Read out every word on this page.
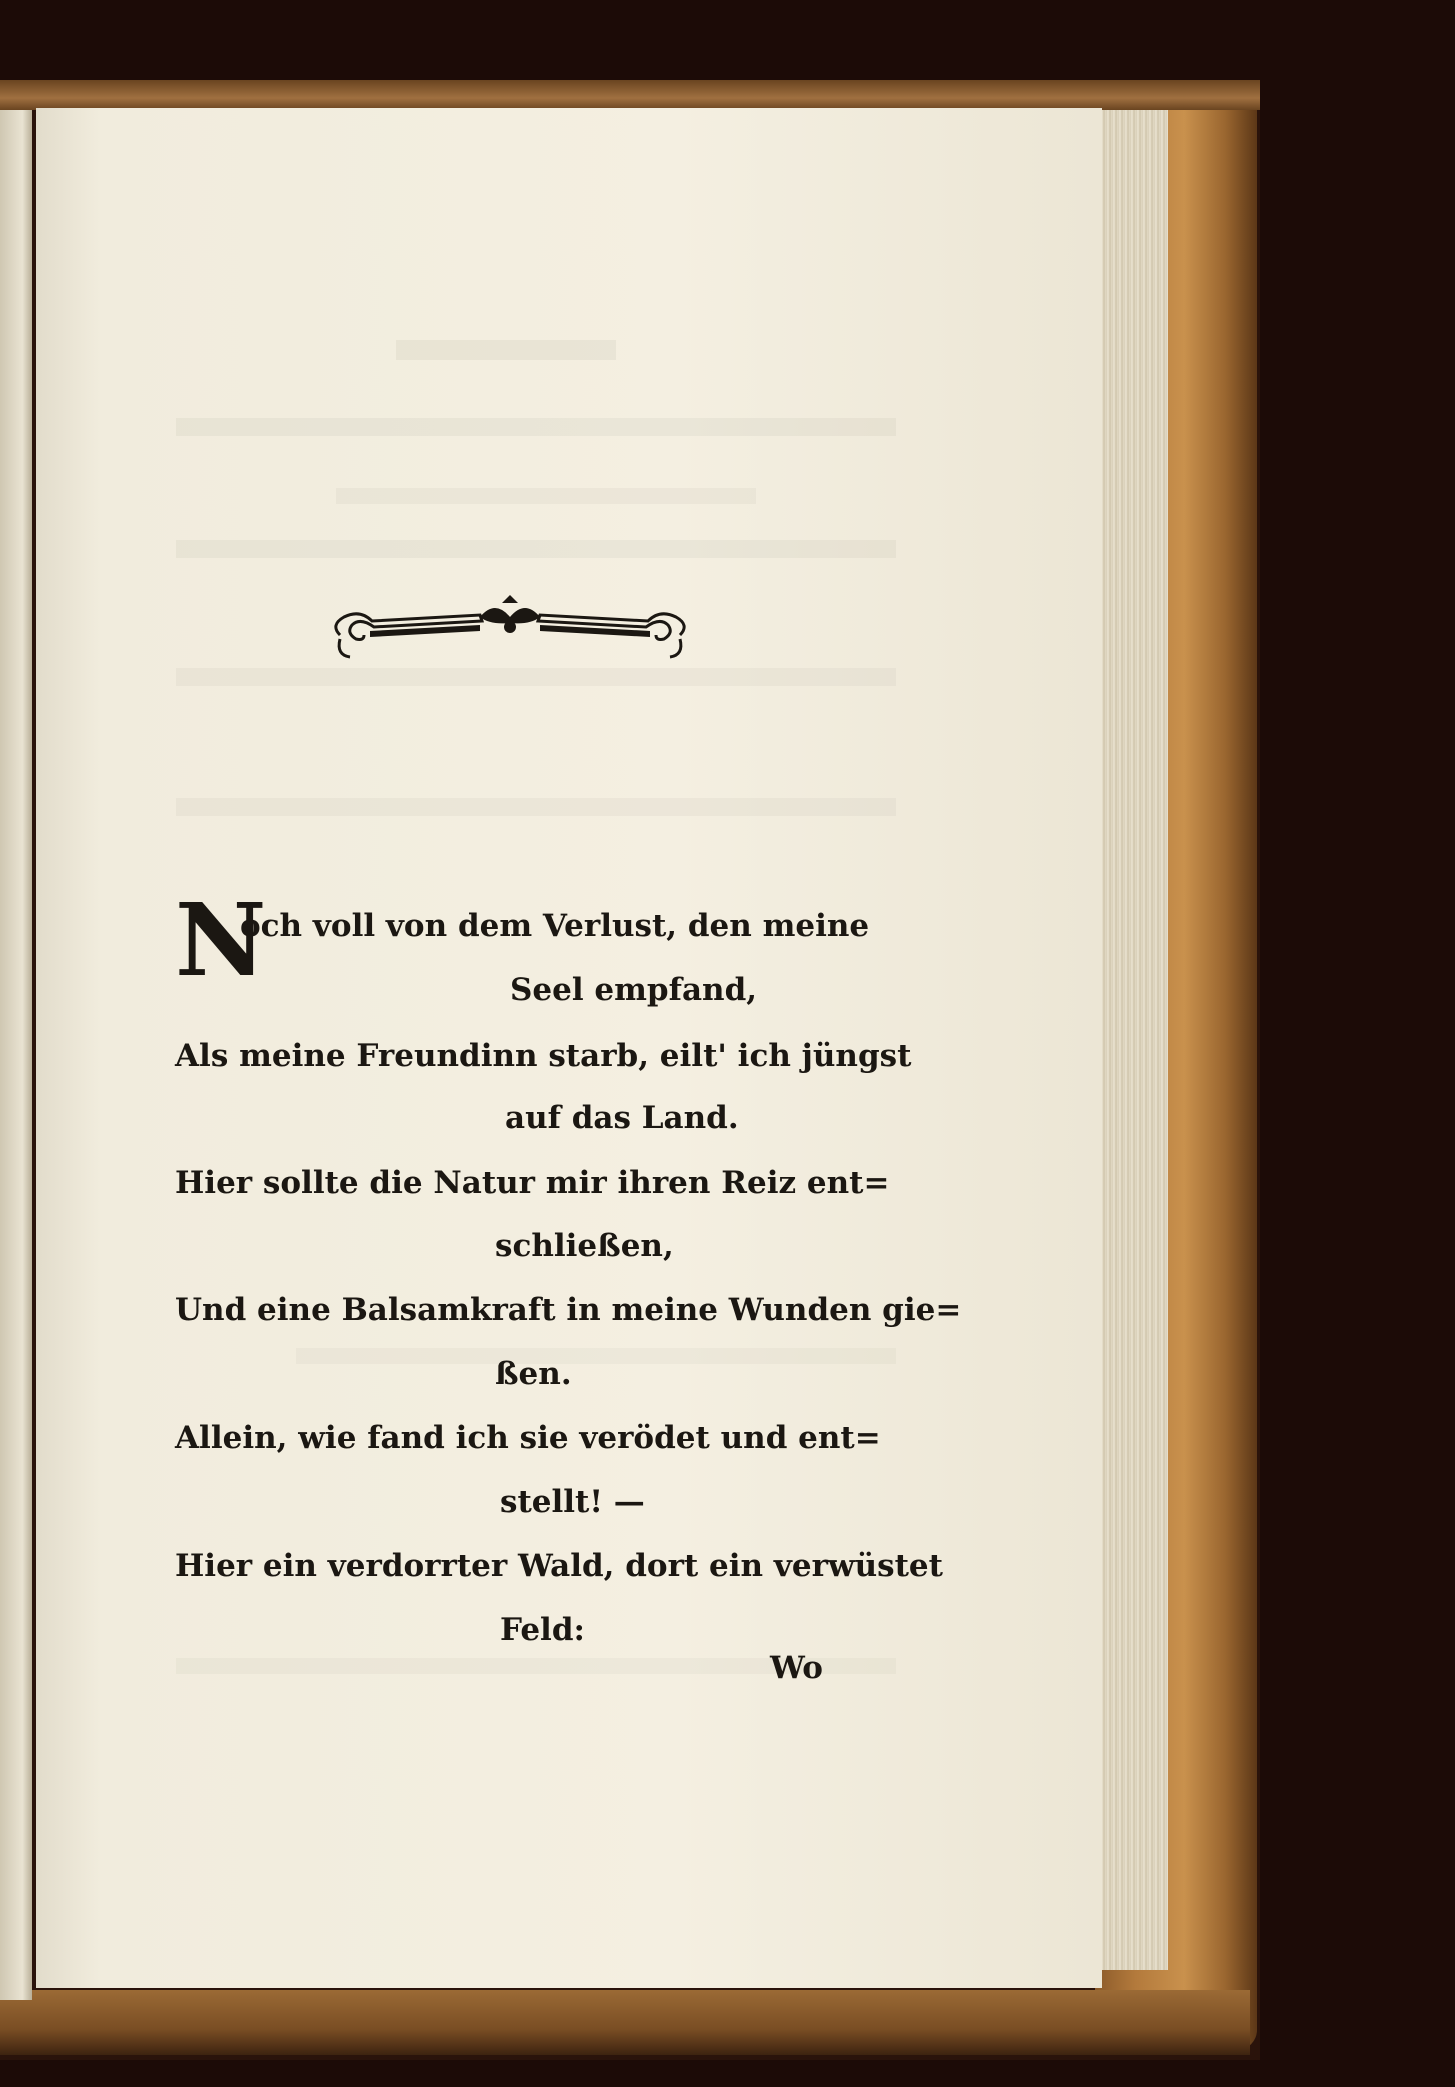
N
och voll von dem Verlust, den meine
Seel empfand,
Als meine Freundinn starb, eilt' ich jüngst
auf das Land.
Hier sollte die Natur mir ihren Reiz ent=
schließen,
Und eine Balsamkraft in meine Wunden gie=
ßen.
Allein, wie fand ich sie verödet und ent=
stellt! —
Hier ein verdorrter Wald, dort ein verwüstet
Feld:
Wo
